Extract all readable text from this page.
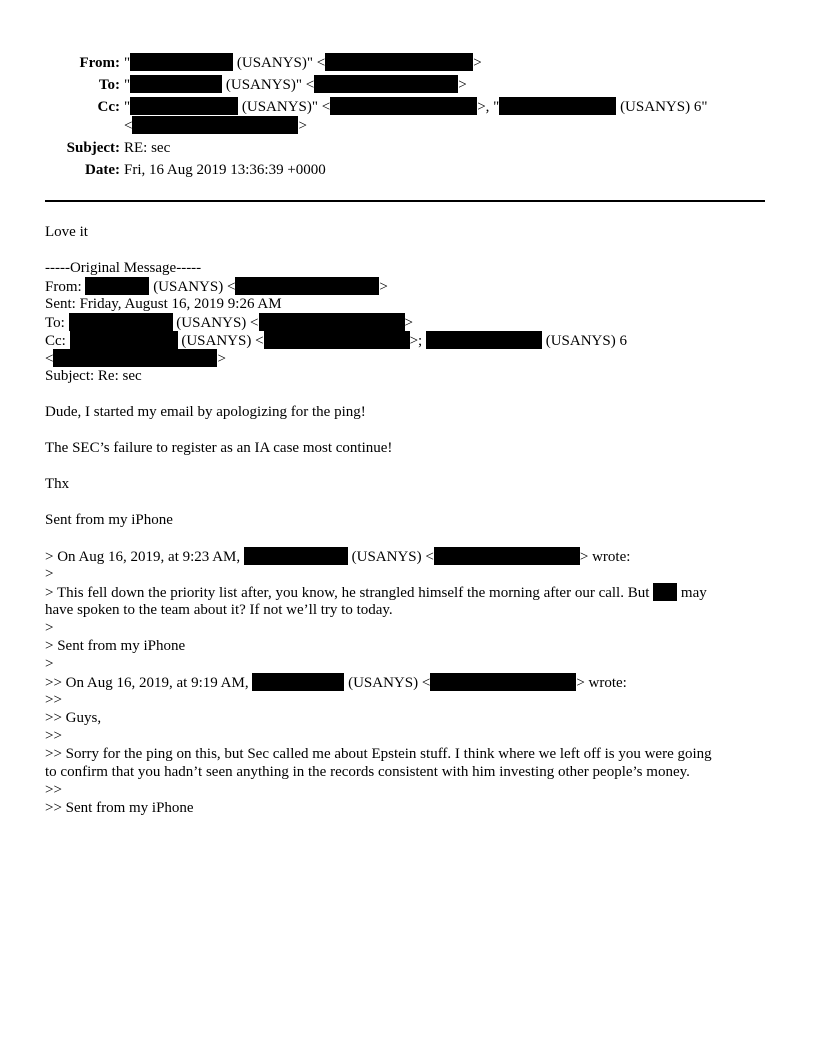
From: "	(USANYS)" <	>
To: "	(USANYS)" <	>
Cc: "	(USANYS)" <	>, "	(USANYS) 6"
<	>
Subject: RE: sec
Date: Fri, 16 Aug 2019 13:36:39 +0000
Love it
-----Original Message-----
From:	(USANYS) <	>
Sent: Friday, August 16, 2019 9:26 AM
To:	(USANYS) <	>
Cc:	(USANYS) <	>;	(USANYS) 6
<	>
Subject: Re: sec
Dude, I started my email by apologizing for the ping!
The SEC’s failure to register as an IA case most continue!
Thx
Sent from my iPhone
> On Aug 16, 2019, at 9:23 AM,	(USANYS) <	> wrote:
>
> This fell down the priority list after, you know, he strangled himself the morning after our call. But  may
have spoken to the team about it? If not we’ll try to today.
>
> Sent from my iPhone
>
>> On Aug 16, 2019, at 9:19 AM,	(USANYS) <	> wrote:
>>
>> Guys,
>>
>> Sorry for the ping on this, but Sec called me about Epstein stuff. I think where we left off is you were going
to confirm that you hadn’t seen anything in the records consistent with him investing other people’s money.
>>
>> Sent from my iPhone
